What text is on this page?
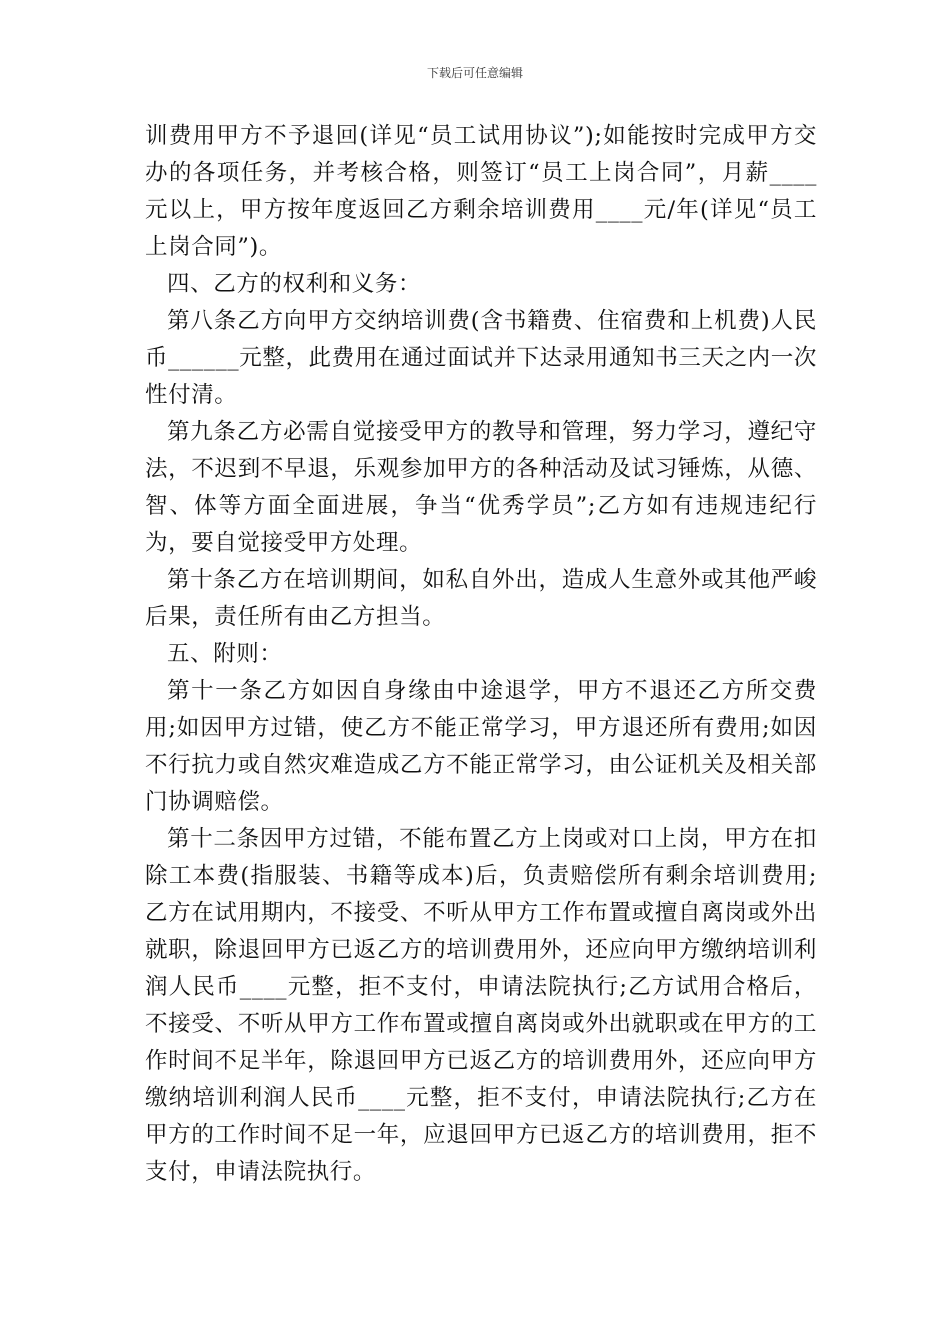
下载后可任意编辑

训费用甲方不予退回(详见“员工试用协议”);如能按时完成甲方交办的各项任务，并考核合格，则签订“员工上岗合同”，月薪____元以上，甲方按年度返回乙方剩余培训费用____元/年(详见“员工上岗合同”)。

四、乙方的权利和义务：

第八条乙方向甲方交纳培训费(含书籍费、住宿费和上机费)人民币______元整，此费用在通过面试并下达录用通知书三天之内一次性付清。

第九条乙方必需自觉接受甲方的教导和管理，努力学习，遵纪守法，不迟到不早退，乐观参加甲方的各种活动及试习锤炼，从德、智、体等方面全面进展，争当“优秀学员”;乙方如有违规违纪行为，要自觉接受甲方处理。

第十条乙方在培训期间，如私自外出，造成人生意外或其他严峻后果，责任所有由乙方担当。

五、附则：

第十一条乙方如因自身缘由中途退学，甲方不退还乙方所交费用;如因甲方过错，使乙方不能正常学习，甲方退还所有费用;如因不行抗力或自然灾难造成乙方不能正常学习，由公证机关及相关部门协调赔偿。

第十二条因甲方过错，不能布置乙方上岗或对口上岗，甲方在扣除工本费(指服装、书籍等成本)后，负责赔偿所有剩余培训费用;乙方在试用期内，不接受、不听从甲方工作布置或擅自离岗或外出就职，除退回甲方已返乙方的培训费用外，还应向甲方缴纳培训利润人民币____元整，拒不支付，申请法院执行;乙方试用合格后，不接受、不听从甲方工作布置或擅自离岗或外出就职或在甲方的工作时间不足半年，除退回甲方已返乙方的培训费用外，还应向甲方缴纳培训利润人民币____元整，拒不支付，申请法院执行;乙方在甲方的工作时间不足一年，应退回甲方已返乙方的培训费用，拒不支付，申请法院执行。
